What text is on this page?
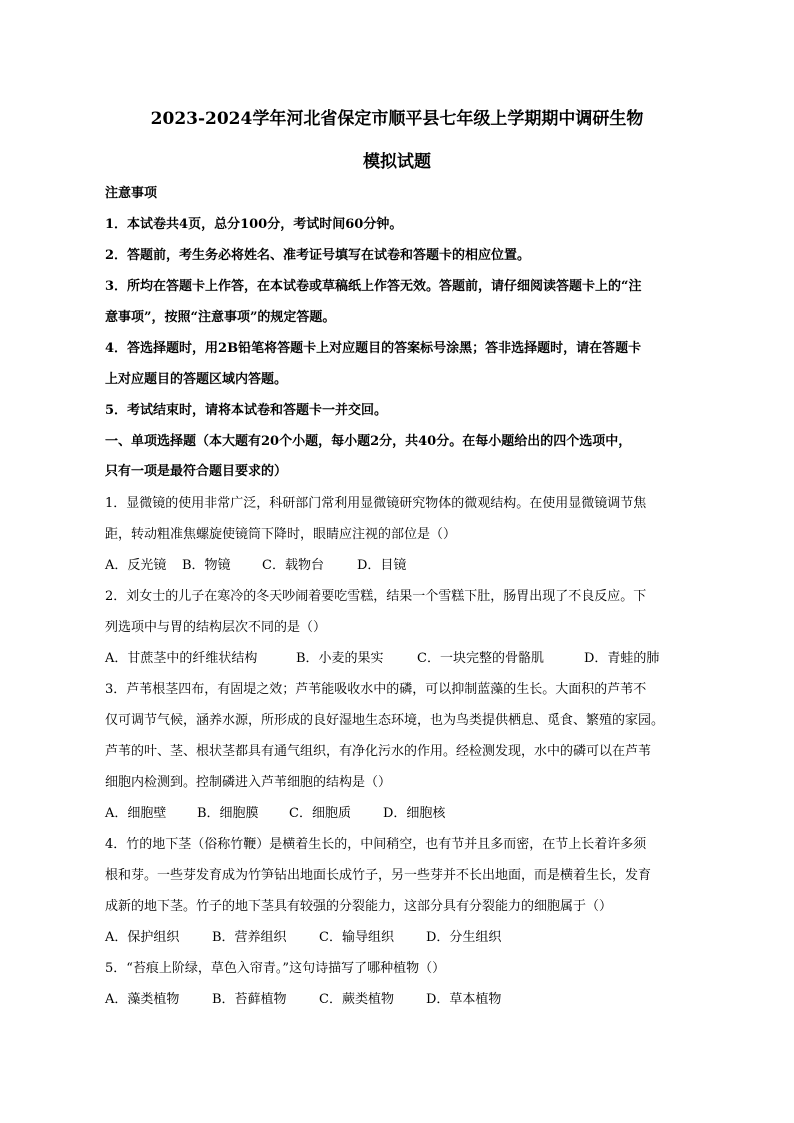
2023-2024学年河北省保定市顺平县七年级上学期期中调研生物
模拟试题
注意事项
1．本试卷共4页，总分100分，考试时间60分钟。
2．答题前，考生务必将姓名、准考证号填写在试卷和答题卡的相应位置。
3．所均在答题卡上作答，在本试卷或草稿纸上作答无效。答题前，请仔细阅读答题卡上的“注
意事项”，按照“注意事项”的规定答题。
4．答选择题时，用2B铅笔将答题卡上对应题目的答案标号涂黑；答非选择题时，请在答题卡
上对应题目的答题区域内答题。
5．考试结束时，请将本试卷和答题卡一并交回。
一、单项选择题（本大题有20个小题，每小题2分，共40分。在每小题给出的四个选项中，
只有一项是最符合题目要求的）
1．显微镜的使用非常广泛，科研部门常利用显微镜研究物体的微观结构。在使用显微镜调节焦
距，转动粗准焦螺旋使镜筒下降时，眼睛应注视的部位是（）
A．反光镜 B．物镜 C．载物台	D．目镜
2．刘女士的儿子在寒冷的冬天吵闹着要吃雪糕，结果一个雪糕下肚，肠胃出现了不良反应。下
列选项中与胃的结构层次不同的是（）
A．甘蔗茎中的纤维状结构	B．小麦的果实	C．一块完整的骨骼肌	D．青蛙的肺
3．芦苇根茎四布，有固堤之效；芦苇能吸收水中的磷，可以抑制蓝藻的生长。大面积的芦苇不
仅可调节气候，涵养水源，所形成的良好湿地生态环境，也为鸟类提供栖息、觅食、繁殖的家园。
芦苇的叶、茎、根状茎都具有通气组织，有净化污水的作用。经检测发现，水中的磷可以在芦苇
细胞内检测到。控制磷进入芦苇细胞的结构是（）
A．细胞壁 B．细胞膜 C．细胞质 D．细胞核
4．竹的地下茎（俗称竹鞭）是横着生长的，中间稍空，也有节并且多而密，在节上长着许多须
根和芽。一些芽发育成为竹笋钻出地面长成竹子，另一些芽并不长出地面，而是横着生长，发育
成新的地下茎。竹子的地下茎具有较强的分裂能力，这部分具有分裂能力的细胞属于（）
A．保护组织	B．营养组织 C．输导组织 D．分生组织
5．“苔痕上阶绿，草色入帘青。”这句诗描写了哪种植物（）
A．藻类植物	B．苔藓植物 C．蕨类植物 D．草本植物
